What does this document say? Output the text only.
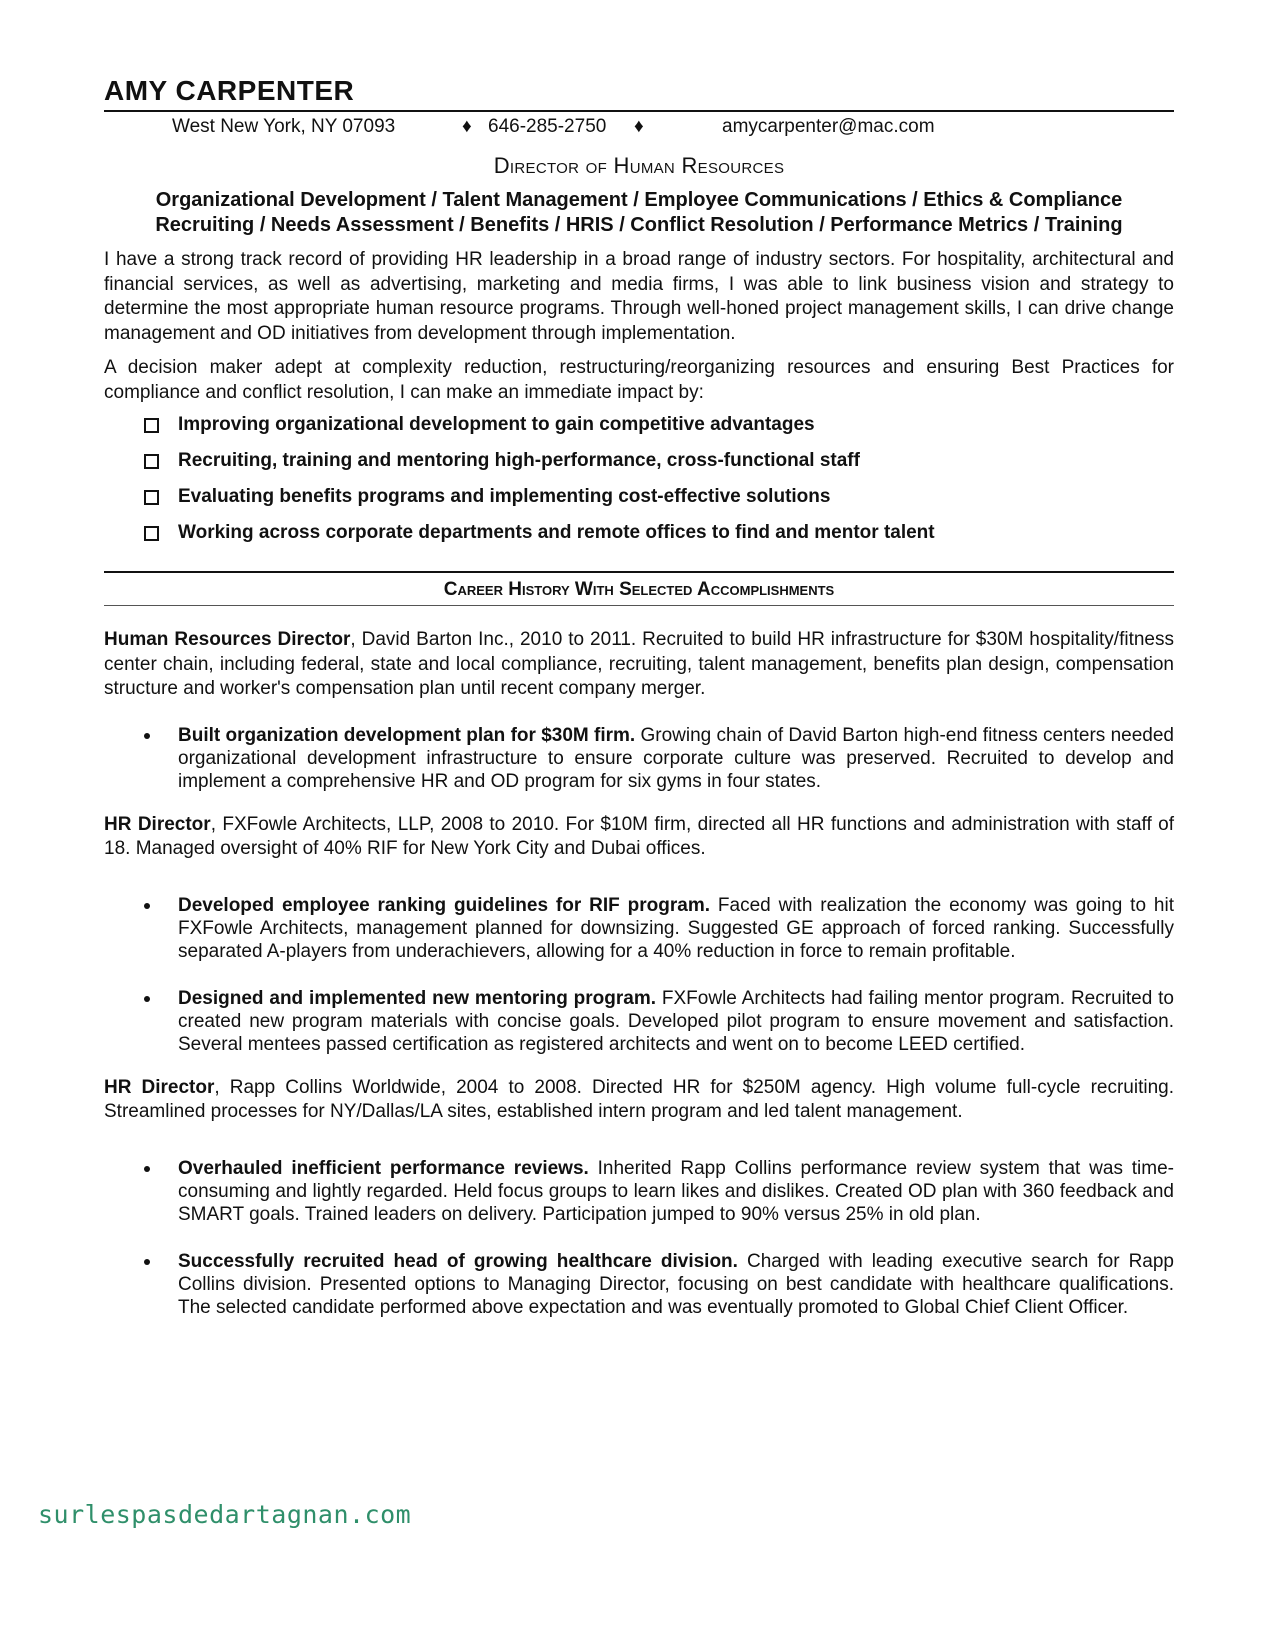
AMY CARPENTER
West New York, NY 07093	♦ 646-285-2750 ♦	amycarpenter@mac.com
Director of Human Resources
Organizational Development / Talent Management / Employee Communications / Ethics & Compliance
Recruiting / Needs Assessment / Benefits / HRIS / Conflict Resolution / Performance Metrics / Training

I have a strong track record of providing HR leadership in a broad range of industry sectors. For hospitality, architectural and financial services, as well as advertising, marketing and media firms, I was able to link business vision and strategy to determine the most appropriate human resource programs. Through well-honed project management skills, I can drive change management and OD initiatives from development through implementation.

A decision maker adept at complexity reduction, restructuring/reorganizing resources and ensuring Best Practices for compliance and conflict resolution, I can make an immediate impact by:

Improving organizational development to gain competitive advantages
Recruiting, training and mentoring high-performance, cross-functional staff
Evaluating benefits programs and implementing cost-effective solutions
Working across corporate departments and remote offices to find and mentor talent
Career History With Selected Accomplishments

Human Resources Director, David Barton Inc., 2010 to 2011. Recruited to build HR infrastructure for $30M hospitality/fitness center chain, including federal, state and local compliance, recruiting, talent management, benefits plan design, compensation structure and worker's compensation plan until recent company merger.

Built organization development plan for $30M firm. Growing chain of David Barton high-end fitness centers needed organizational development infrastructure to ensure corporate culture was preserved. Recruited to develop and implement a comprehensive HR and OD program for six gyms in four states.

HR Director, FXFowle Architects, LLP, 2008 to 2010. For $10M firm, directed all HR functions and administration with staff of 18. Managed oversight of 40% RIF for New York City and Dubai offices.

Developed employee ranking guidelines for RIF program. Faced with realization the economy was going to hit FXFowle Architects, management planned for downsizing. Suggested GE approach of forced ranking. Successfully separated A-players from underachievers, allowing for a 40% reduction in force to remain profitable.
Designed and implemented new mentoring program. FXFowle Architects had failing mentor program. Recruited to created new program materials with concise goals. Developed pilot program to ensure movement and satisfaction. Several mentees passed certification as registered architects and went on to become LEED certified.

HR Director, Rapp Collins Worldwide, 2004 to 2008. Directed HR for $250M agency. High volume full-cycle recruiting. Streamlined processes for NY/Dallas/LA sites, established intern program and led talent management.

Overhauled inefficient performance reviews. Inherited Rapp Collins performance review system that was time-consuming and lightly regarded. Held focus groups to learn likes and dislikes. Created OD plan with 360 feedback and SMART goals. Trained leaders on delivery. Participation jumped to 90% versus 25% in old plan.
Successfully recruited head of growing healthcare division. Charged with leading executive search for Rapp Collins division. Presented options to Managing Director, focusing on best candidate with healthcare qualifications. The selected candidate performed above expectation and was eventually promoted to Global Chief Client Officer.
surlespasdedartagnan.com
